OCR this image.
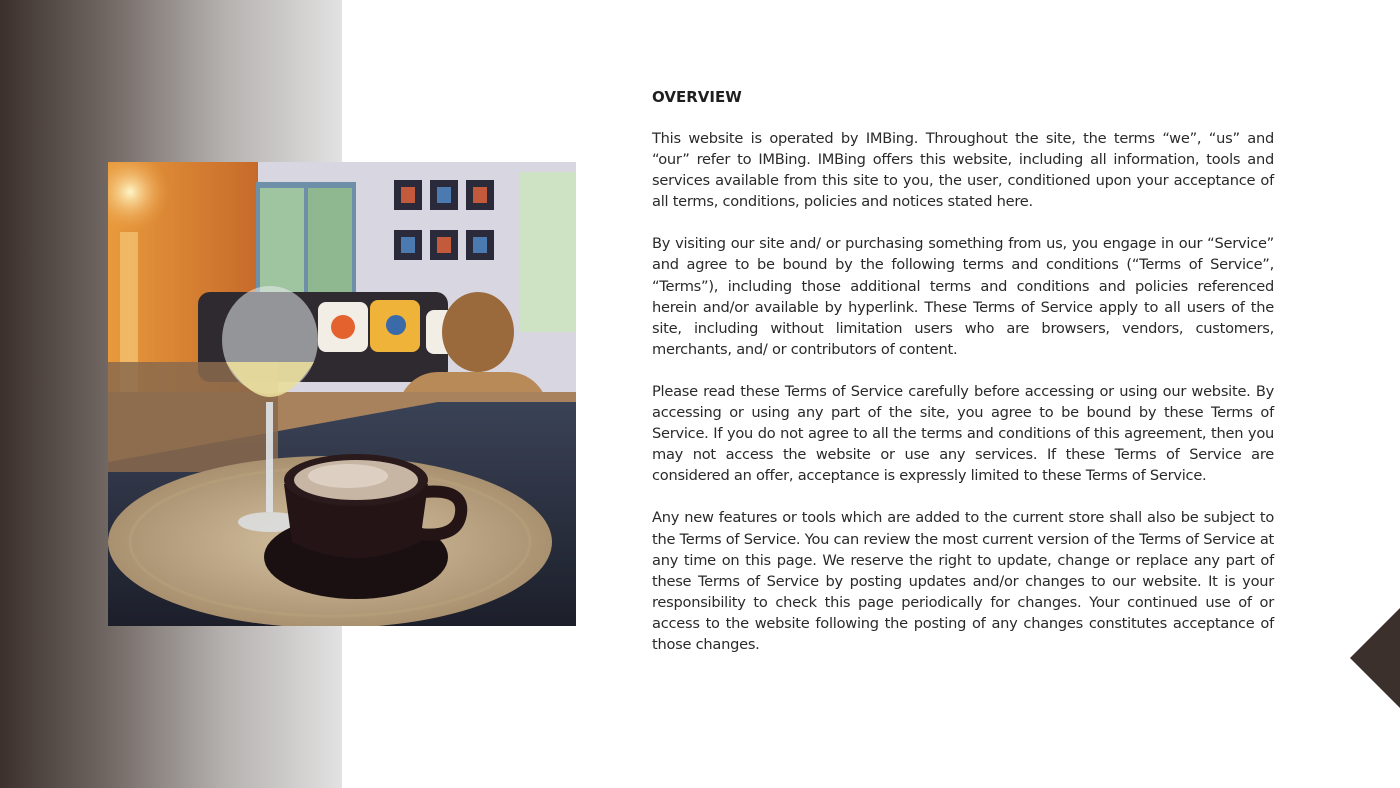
OVERVIEW

This website is operated by IMBing. Throughout the site, the terms “we”, “us” and “our” refer to IMBing. IMBing offers this website, including all information, tools and services available from this site to you, the user, conditioned upon your acceptance of all terms, conditions, policies and notices stated here.

By visiting our site and/ or purchasing something from us, you engage in our “Service” and agree to be bound by the following terms and conditions (“Terms of Service”, “Terms”), including those additional terms and conditions and policies referenced herein and/or available by hyperlink. These Terms of Service apply to all users of the site, including without limitation users who are browsers, vendors, customers, merchants, and/ or contributors of content.

Please read these Terms of Service carefully before accessing or using our website. By accessing or using any part of the site, you agree to be bound by these Terms of Service. If you do not agree to all the terms and conditions of this agreement, then you may not access the website or use any services. If these Terms of Service are considered an offer, acceptance is expressly limited to these Terms of Service.

Any new features or tools which are added to the current store shall also be subject to the Terms of Service. You can review the most current version of the Terms of Service at any time on this page. We reserve the right to update, change or replace any part of these Terms of Service by posting updates and/or changes to our website. It is your responsibility to check this page periodically for changes. Your continued use of or access to the website following the posting of any changes constitutes acceptance of those changes.
